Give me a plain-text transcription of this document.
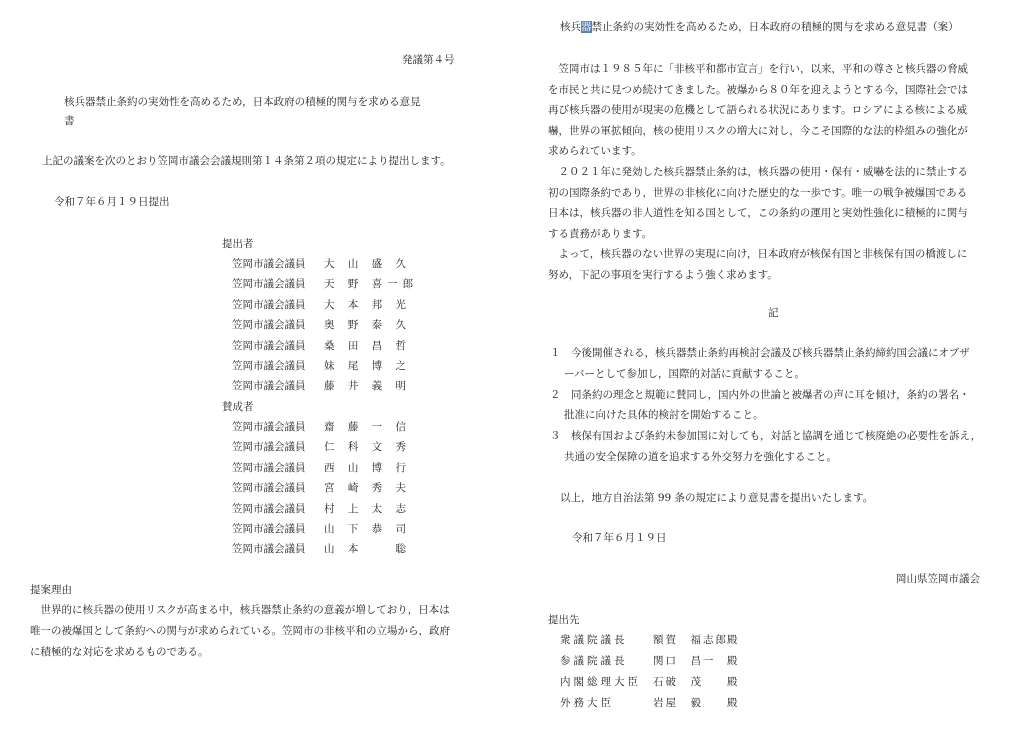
発議第４号
核兵器禁止条約の実効性を高めるため，日本政府の積極的関与を求める意見
書
上記の議案を次のとおり笠岡市議会会議規則第１４条第２項の規定により提出します。
令和７年６月１９日提出
提出者
笠岡市議会議員 大 山 盛 久
笠岡市議会議員 天 野 喜一郎
笠岡市議会議員 大 本 邦 光
笠岡市議会議員 奥 野 泰 久
笠岡市議会議員 桑 田 昌 哲
笠岡市議会議員 妹 尾 博 之
笠岡市議会議員 藤 井 義 明
賛成者
笠岡市議会議員 齋 藤 一 信
笠岡市議会議員 仁 科 文 秀
笠岡市議会議員 西 山 博 行
笠岡市議会議員 宮 崎 秀 夫
笠岡市議会議員 村 上 太 志
笠岡市議会議員 山 下 恭 司
笠岡市議会議員 山 本 　 聡
提案理由
　世界的に核兵器の使用リスクが高まる中，核兵器禁止条約の意義が増しており，日本は
唯一の被爆国として条約への関与が求められている。笠岡市の非核平和の立場から，政府
に積極的な対応を求めるものである。
核兵器禁止条約の実効性を高めるため，日本政府の積極的関与を求める意見書（案）
　笠岡市は１９８５年に「非核平和都市宣言」を行い，以来，平和の尊さと核兵器の脅威
を市民と共に見つめ続けてきました。被爆から８０年を迎えようとする今，国際社会では
再び核兵器の使用が現実の危機として語られる状況にあります。ロシアによる核による威
嚇，世界の軍拡傾向，核の使用リスクの増大に対し，今こそ国際的な法的枠組みの強化が
求められています。
　２０２１年に発効した核兵器禁止条約は，核兵器の使用・保有・威嚇を法的に禁止する
初の国際条約であり，世界の非核化に向けた歴史的な一歩です。唯一の戦争被爆国である
日本は，核兵器の非人道性を知る国として，この条約の運用と実効性強化に積極的に関与
する責務があります。
　よって，核兵器のない世界の実現に向け，日本政府が核保有国と非核保有国の橋渡しに
努め，下記の事項を実行するよう強く求めます。
記
１　今後開催される，核兵器禁止条約再検討会議及び核兵器禁止条約締約国会議にオブザ
ーバーとして参加し，国際的対話に貢献すること。
２　同条約の理念と規範に賛同し，国内外の世論と被爆者の声に耳を傾け，条約の署名・
批准に向けた具体的検討を開始すること。
３　核保有国および条約未参加国に対しても，対話と協調を通じて核廃絶の必要性を訴え，
共通の安全保障の道を追求する外交努力を強化すること。
以上，地方自治法第 99 条の規定により意見書を提出いたします。
令和７年６月１９日
岡山県笠岡市議会
提出先
衆議院議長 額賀　福志郎 殿
参議院議長 関口　昌一 殿
内閣総理大臣 石破　茂 殿
外務大臣	岩屋　毅 殿
